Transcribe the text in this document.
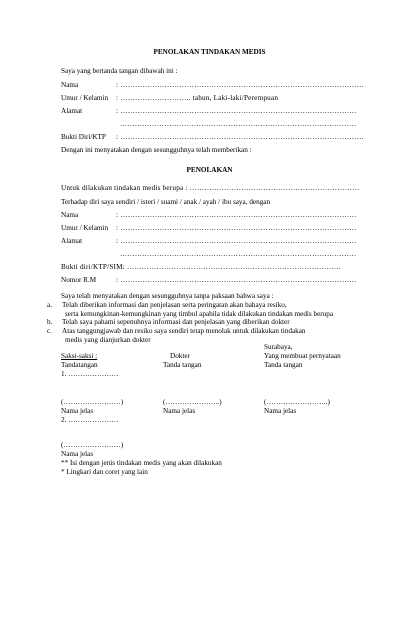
PENOLAKAN TINDAKAN MEDIS
Saya yang bertanda tangan dibawah ini :
Nama	: ………………………………………………………………………………………
Umur / Kelamin : ……………………….. tahun, Laki-laki/Perempuan
Alamat	: ……………………………………………………………………………………
……………………………………………………………………………………
Bukti Diri/KTP : ………………………………………………………………………………………
Dengan ini menyatakan dengan sesungguhnya telah memberikan :
PENOLAKAN
Untuk dilakukan tindakan medis berupa : ……………………………………………………………
Terhadap diri saya sendiri / isteri / suami / anak / ayah / ibu saya, dengan
Nama	: ……………………………………………………………………………………
Umur / Kelamin : ……………………………………………………………………………………
Alamat	: ……………………………………………………………………………………
……………………………………………………………………………………
Bukti diri/KTP/SIM: ……………………………………………………………………………
Nomor R.M	: ……………………………………………………………………………………
Saya telah menyatakan dengan sesungguhnya tanpa paksaan bahwa saya :
a. Telah diberikan informasi dan penjelasan serta peringatan akan bahaya resiko,
serta kemungkinan-kemungkinan yang timbul apabila tidak dilakukan tindakan medis berupa
b. Telah saya pahami sepenuhnya informasi dan penjelasan yang diberikan dokter
c. Atas tanggungjawab dan resiko saya sendiri tetap menolak untuk dilakukan tindakan
medis yang dianjurkan dokter
Surabaya,
Saksi-saksi :	Dokter	Yang membuat pernyataan
Tandatangan	Tanda tangan	Tanda tangan
1. …………………
(……………………)	(…………………..)	(……………………..)
Nama jelas	Nama jelas	Nama jelas
2. …………………
(……………………)
Nama jelas
** Isi dengan jenis tindakan medis yang akan dilakukan
* Lingkari dan coret yang lain
